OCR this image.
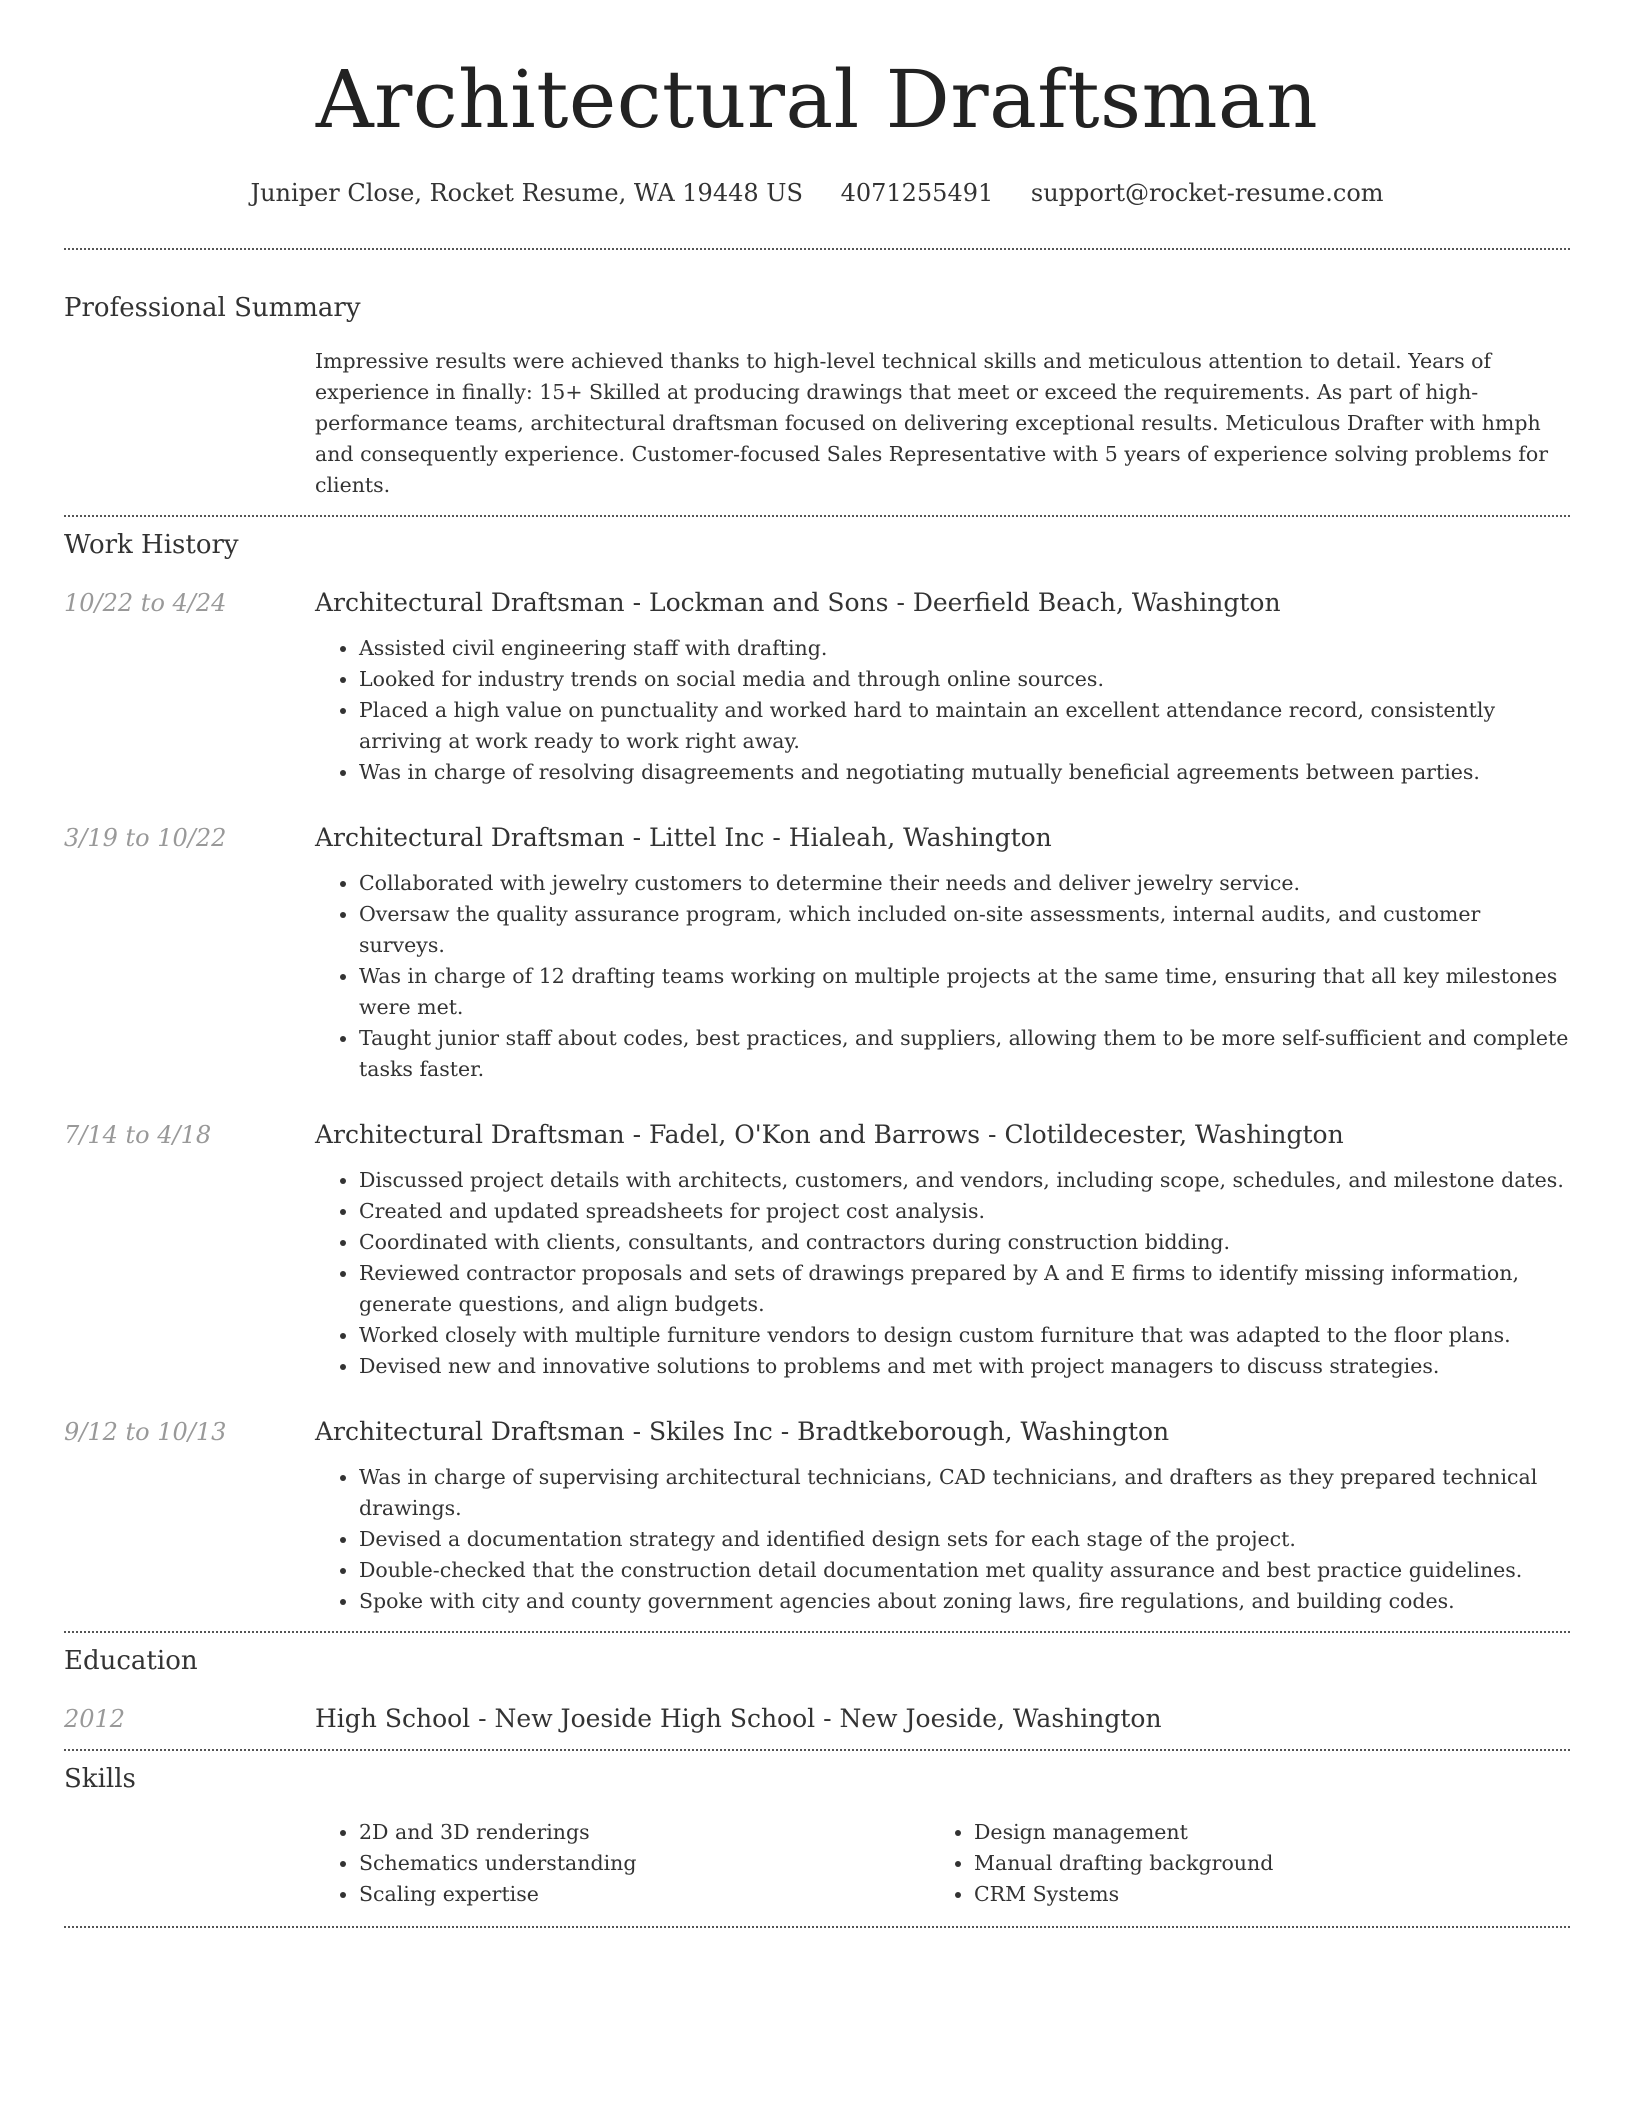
Architectural Draftsman
Juniper Close, Rocket Resume, WA 19448 US 4071255491 support@rocket-resume.com
Professional Summary

Impressive results were achieved thanks to high-level technical skills and meticulous attention to detail. Years of experience in finally: 15+ Skilled at producing drawings that meet or exceed the requirements. As part of high-performance teams, architectural draftsman focused on delivering exceptional results. Meticulous Drafter with hmph and consequently experience. Customer-focused Sales Representative with 5 years of experience solving problems for clients.

Work History
10/22 to 4/24	Architectural Draftsman - Lockman and Sons - Deerfield Beach, Washington

• Assisted civil engineering staff with drafting.
• Looked for industry trends on social media and through online sources.
• Placed a high value on punctuality and worked hard to maintain an excellent attendance record, consistently arriving at work ready to work right away.
• Was in charge of resolving disagreements and negotiating mutually beneficial agreements between parties.
3/19 to 10/22	Architectural Draftsman - Littel Inc - Hialeah, Washington

• Collaborated with jewelry customers to determine their needs and deliver jewelry service.
• Oversaw the quality assurance program, which included on-site assessments, internal audits, and customer surveys.
• Was in charge of 12 drafting teams working on multiple projects at the same time, ensuring that all key milestones were met.
• Taught junior staff about codes, best practices, and suppliers, allowing them to be more self-sufficient and complete tasks faster.
7/14 to 4/18	Architectural Draftsman - Fadel, O'Kon and Barrows - Clotildecester, Washington

• Discussed project details with architects, customers, and vendors, including scope, schedules, and milestone dates.
• Created and updated spreadsheets for project cost analysis.
• Coordinated with clients, consultants, and contractors during construction bidding.
• Reviewed contractor proposals and sets of drawings prepared by A and E firms to identify missing information, generate questions, and align budgets.
• Worked closely with multiple furniture vendors to design custom furniture that was adapted to the floor plans.
• Devised new and innovative solutions to problems and met with project managers to discuss strategies.
9/12 to 10/13	Architectural Draftsman - Skiles Inc - Bradtkeborough, Washington

• Was in charge of supervising architectural technicians, CAD technicians, and drafters as they prepared technical drawings.
• Devised a documentation strategy and identified design sets for each stage of the project.
• Double-checked that the construction detail documentation met quality assurance and best practice guidelines.
• Spoke with city and county government agencies about zoning laws, fire regulations, and building codes.
Education
2012	High School - New Joeside High School - New Joeside, Washington

Skills
• 2D and 3D renderings
• Schematics understanding
• Scaling expertise
• Design management
• Manual drafting background
• CRM Systems
